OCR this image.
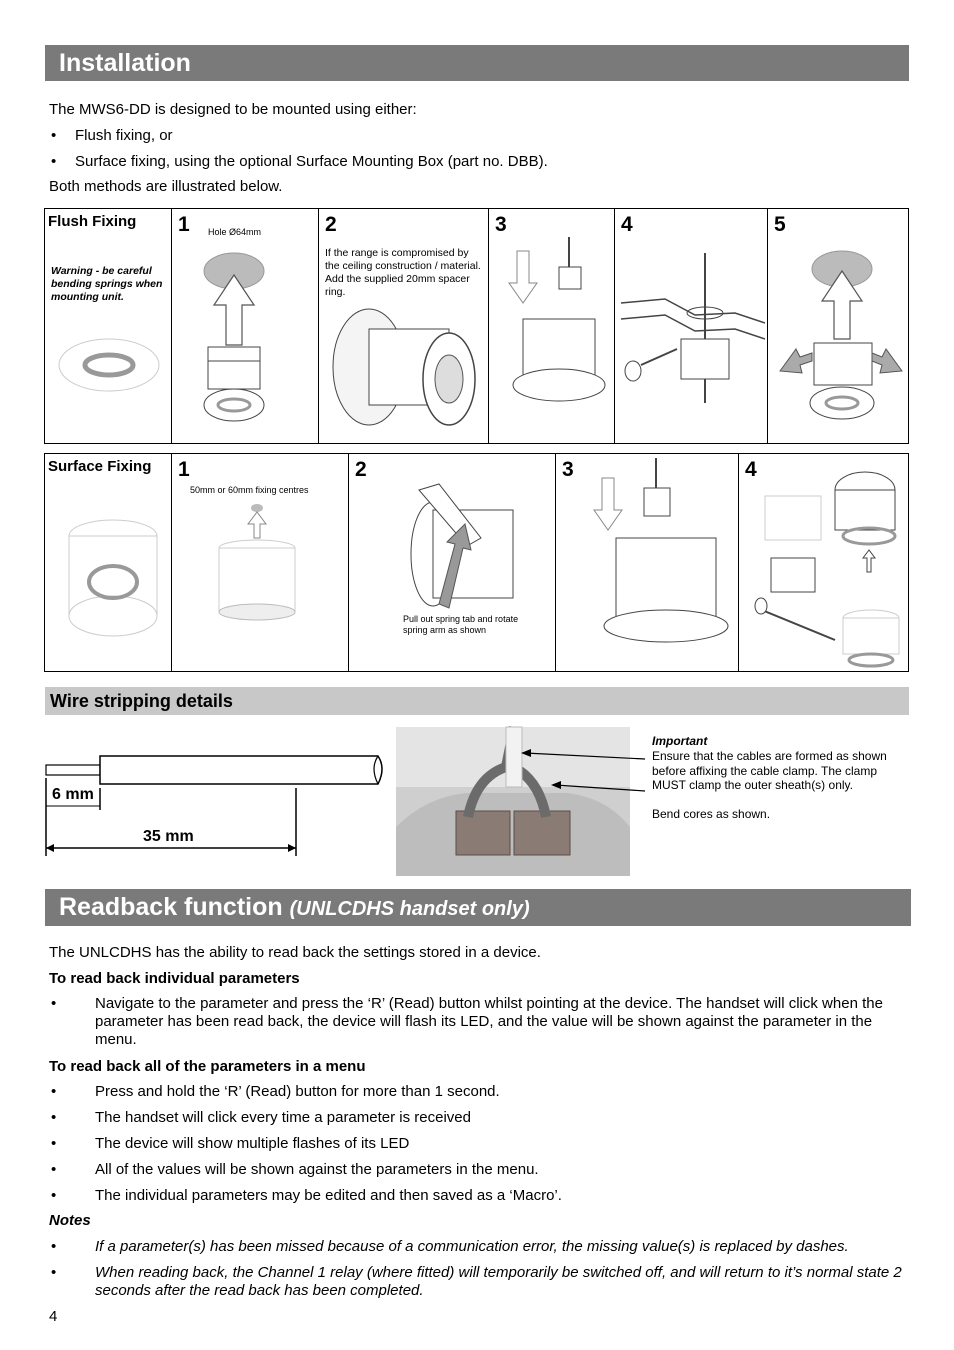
Installation
The MWS6-DD is designed to be mounted using either:
• Flush fixing, or
• Surface fixing, using the optional Surface Mounting Box (part no. DBB).
Both methods are illustrated below.
Flush Fixing
Warning - be careful bending springs when mounting unit.
1 Hole Ø64mm	2
If the range is compromised by the ceiling construction / material. Add the supplied 20mm spacer ring.
3	4	5
Surface Fixing 1
50mm or 60mm fixing centres
2
Pull out spring tab and rotate spring arm as shown
3	4
Wire stripping details
6 mm
35 mm
Important
Ensure that the cables are formed as shown before affixing the cable clamp. The clamp MUST clamp the outer sheath(s) only.
Bend cores as shown.
Readback function (UNLCDHS handset only)
The UNLCDHS has the ability to read back the settings stored in a device.
To read back individual parameters
•	Navigate to the parameter and press the ‘R’ (Read) button whilst pointing at the device. The handset will click when the parameter has been read back, the device will flash its LED, and the value will be shown against the parameter in the menu.
To read back all of the parameters in a menu
•	Press and hold the ‘R’ (Read) button for more than 1 second.
•	The handset will click every time a parameter is received
•	The device will show multiple flashes of its LED
•	All of the values will be shown against the parameters in the menu.
•	The individual parameters may be edited and then saved as a ‘Macro’.
Notes
•	If a parameter(s) has been missed because of a communication error, the missing value(s) is replaced by dashes.
•	When reading back, the Channel 1 relay (where fitted) will temporarily be switched off, and will return to it’s normal state 2 seconds after the read back has been completed.
4
